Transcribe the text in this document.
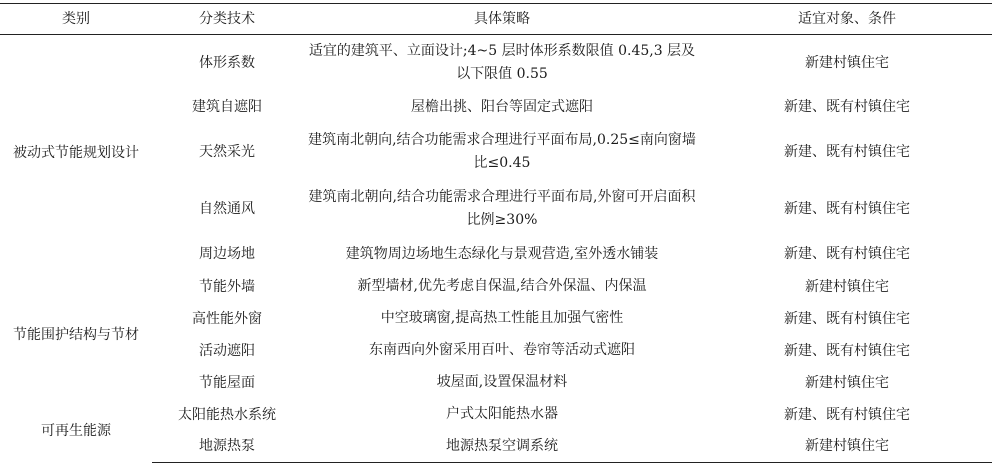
类别	分类技术	具体策略	适宜对象、条件
被动式节能规划设计	体形系数	适宜的建筑平、立面设计;4~5 层时体形系数限值 0.45,3 层及以下限值 0.55	新建村镇住宅
	建筑自遮阳	屋檐出挑、阳台等固定式遮阳	新建、既有村镇住宅
	天然采光	建筑南北朝向,结合功能需求合理进行平面布局,0.25≤南向窗墙比≤0.45	新建、既有村镇住宅
	自然通风	建筑南北朝向,结合功能需求合理进行平面布局,外窗可开启面积比例≥30%	新建、既有村镇住宅
	周边场地	建筑物周边场地生态绿化与景观营造,室外透水铺装	新建、既有村镇住宅
节能围护结构与节材	节能外墙	新型墙材,优先考虑自保温,结合外保温、内保温	新建村镇住宅
	高性能外窗	中空玻璃窗,提高热工性能且加强气密性	新建、既有村镇住宅
	活动遮阳	东南西向外窗采用百叶、卷帘等活动式遮阳	新建、既有村镇住宅
	节能屋面	坡屋面,设置保温材料	新建村镇住宅
可再生能源	太阳能热水系统	户式太阳能热水器	新建、既有村镇住宅
	地源热泵	地源热泵空调系统	新建村镇住宅
